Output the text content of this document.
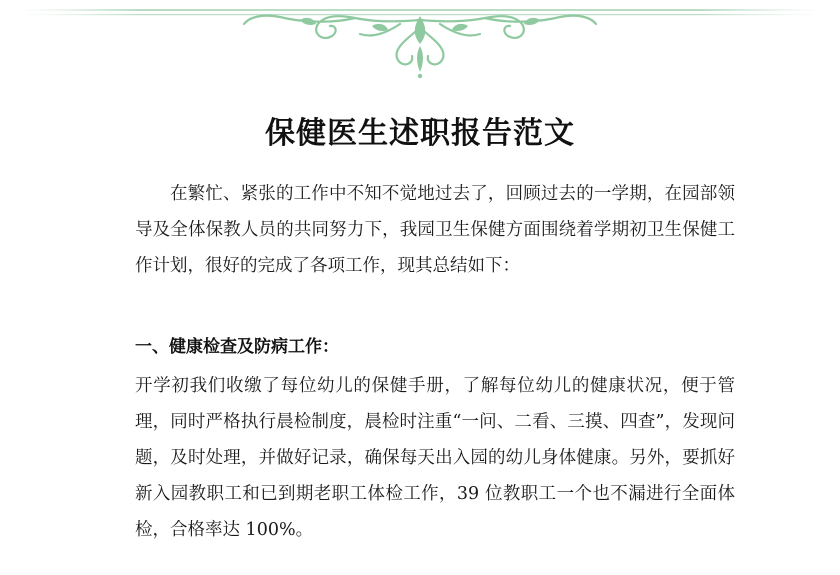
保健医生述职报告范文
在繁忙、紧张的工作中不知不觉地过去了，回顾过去的一学期，在园部领导及全体保教人员的共同努力下，我园卫生保健方面围绕着学期初卫生保健工作计划，很好的完成了各项工作，现其总结如下：
一、健康检查及防病工作：
开学初我们收缴了每位幼儿的保健手册，了解每位幼儿的健康状况，便于管理，同时严格执行晨检制度，晨检时注重“一问、二看、三摸、四查”，发现问题，及时处理，并做好记录，确保每天出入园的幼儿身体健康。另外，要抓好新入园教职工和已到期老职工体检工作，39 位教职工一个也不漏进行全面体检，合格率达 100%。
